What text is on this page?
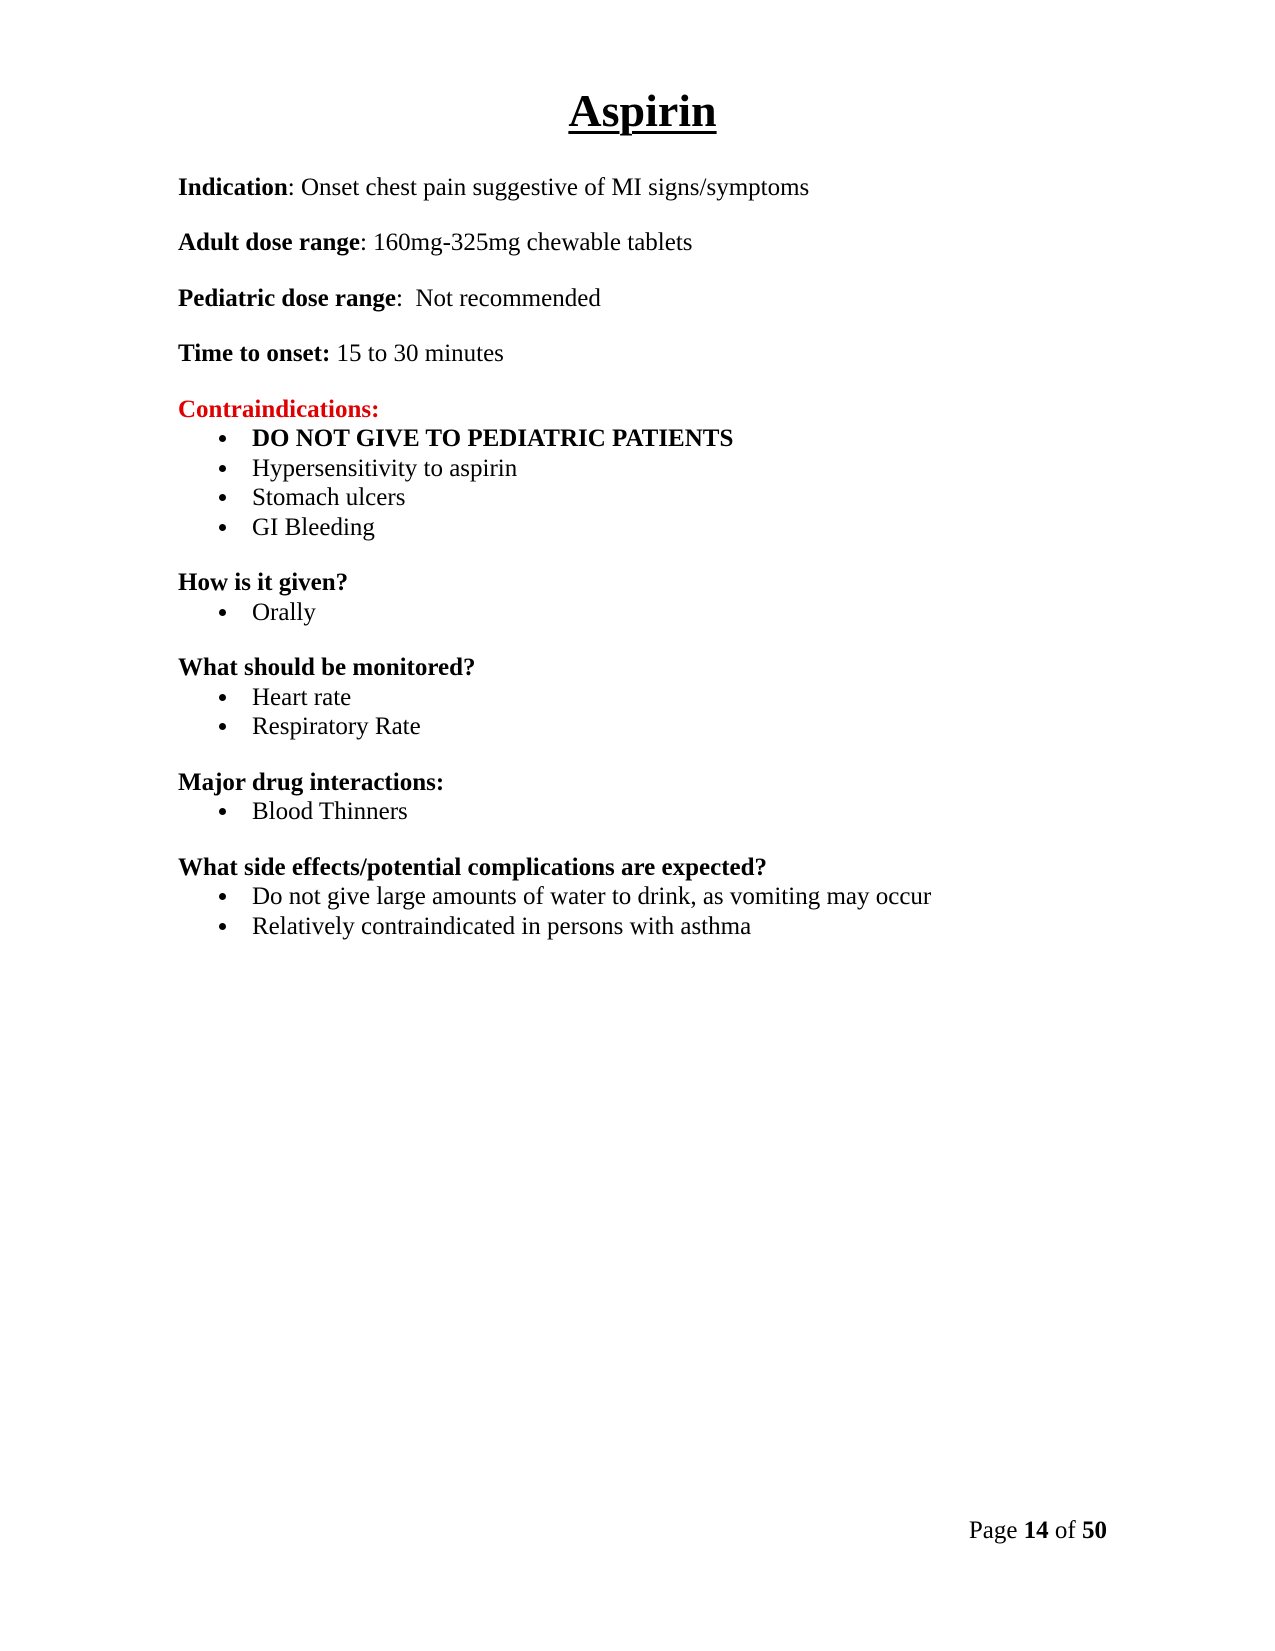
Aspirin

Indication: Onset chest pain suggestive of MI signs/symptoms

Adult dose range: 160mg-325mg chewable tablets

Pediatric dose range:  Not recommended

Time to onset: 15 to 30 minutes

Contraindications:
• DO NOT GIVE TO PEDIATRIC PATIENTS
• Hypersensitivity to aspirin
• Stomach ulcers
• GI Bleeding
How is it given?
• Orally
What should be monitored?
• Heart rate
• Respiratory Rate
Major drug interactions:
• Blood Thinners
What side effects/potential complications are expected?
• Do not give large amounts of water to drink, as vomiting may occur
• Relatively contraindicated in persons with asthma
Page 14 of 50
